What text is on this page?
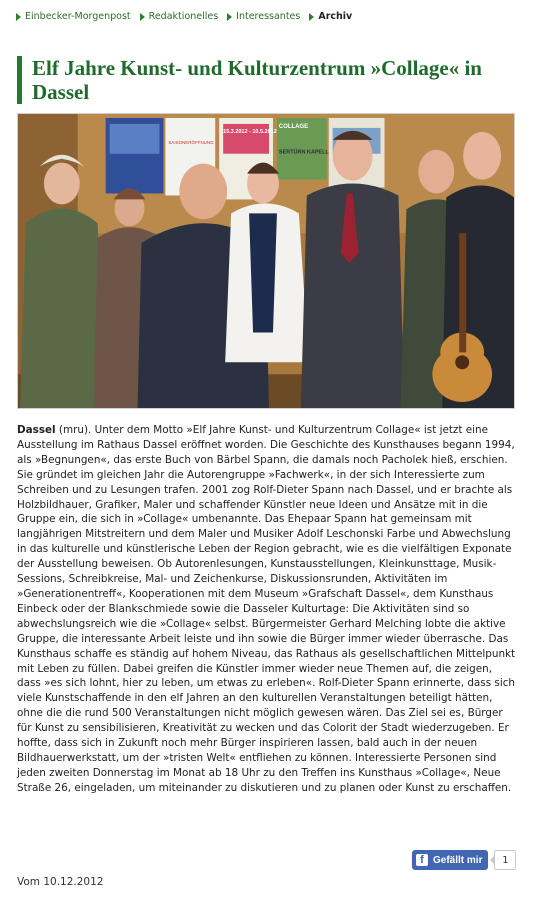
Einbecker-Morgenpost Redaktionelles Interessantes Archiv
Elf Jahre Kunst- und Kulturzentrum »Collage« in Dassel
SAISONERÖFFNUNG
15.3.2012 - 10.5.2012
COLLAGE
SERTÜRN KAPELL

Dassel (mru). Unter dem Motto »Elf Jahre Kunst- und Kulturzentrum Collage« ist jetzt eine Ausstellung im Rathaus Dassel eröffnet worden. Die Geschichte des Kunsthauses begann 1994, als »Begnungen«, das erste Buch von Bärbel Spann, die damals noch Pacholek hieß, erschien. Sie gründet im gleichen Jahr die Autorengruppe »Fachwerk«, in der sich Interessierte zum Schreiben und zu Lesungen trafen. 2001 zog Rolf-Dieter Spann nach Dassel, und er brachte als Holzbildhauer, Grafiker, Maler und schaffender Künstler neue Ideen und Ansätze mit in die Gruppe ein, die sich in »Collage« umbenannte. Das Ehepaar Spann hat gemeinsam mit langjährigen Mitstreitern und dem Maler und Musiker Adolf Leschonski Farbe und Abwechslung in das kulturelle und künstlerische Leben der Region gebracht, wie es die vielfältigen Exponate der Ausstellung beweisen. Ob Autorenlesungen, Kunstausstellungen, Kleinkunsttage, Musik-Sessions, Schreibkreise, Mal- und Zeichenkurse, Diskussionsrunden, Aktivitäten im »Generationentreff«, Kooperationen mit dem Museum »Grafschaft Dassel«, dem Kunsthaus Einbeck oder der Blankschmiede sowie die Dasseler Kulturtage: Die Aktivitäten sind so abwechslungsreich wie die »Collage« selbst. Bürgermeister Gerhard Melching lobte die aktive Gruppe, die interessante Arbeit leiste und ihn sowie die Bürger immer wieder überrasche. Das Kunsthaus schaffe es ständig auf hohem Niveau, das Rathaus als gesellschaftlichen Mittelpunkt mit Leben zu füllen. Dabei greifen die Künstler immer wieder neue Themen auf, die zeigen, dass »es sich lohnt, hier zu leben, um etwas zu erleben«. Rolf-Dieter Spann erinnerte, dass sich viele Kunstschaffende in den elf Jahren an den kulturellen Veranstaltungen beteiligt hätten, ohne die die rund 500 Veranstaltungen nicht möglich gewesen wären. Das Ziel sei es, Bürger für Kunst zu sensibilisieren, Kreativität zu wecken und das Colorit der Stadt wiederzugeben. Er hoffte, dass sich in Zukunft noch mehr Bürger inspirieren lassen, bald auch in der neuen Bildhauerwerkstatt, um der »tristen Welt« entfliehen zu können. Interessierte Personen sind jeden zweiten Donnerstag im Monat ab 18 Uhr zu den Treffen ins Kunsthaus »Collage«, Neue Straße 26, eingeladen, um miteinander zu diskutieren und zu planen oder Kunst zu erschaffen.

f Gefällt mir	1
Vom 10.12.2012
